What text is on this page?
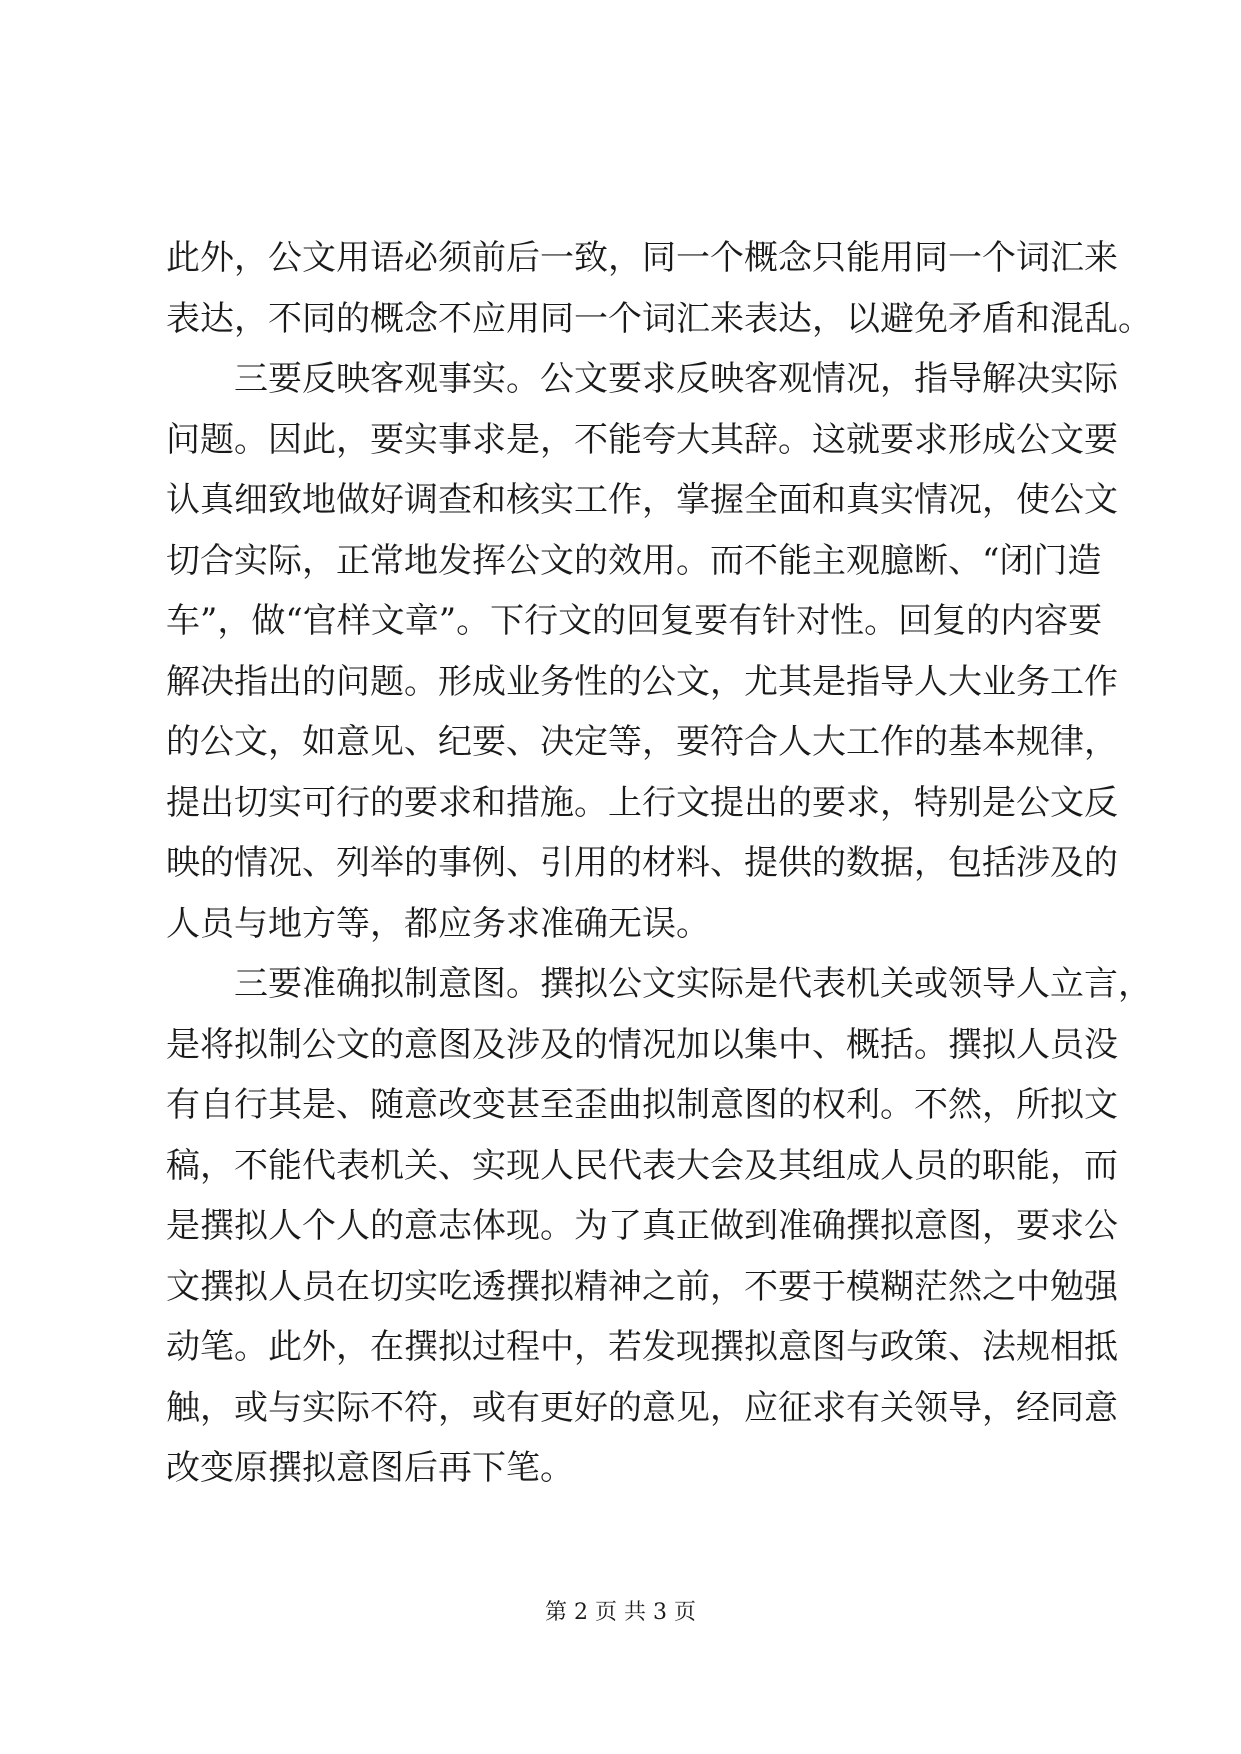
此外，公文用语必须前后一致，同一个概念只能用同一个词汇来
表达，不同的概念不应用同一个词汇来表达，以避免矛盾和混乱。
三要反映客观事实。公文要求反映客观情况，指导解决实际
问题。因此，要实事求是，不能夸大其辞。这就要求形成公文要
认真细致地做好调查和核实工作，掌握全面和真实情况，使公文
切合实际，正常地发挥公文的效用。而不能主观臆断、“闭门造
车”，做“官样文章”。下行文的回复要有针对性。回复的内容要
解决指出的问题。形成业务性的公文，尤其是指导人大业务工作
的公文，如意见、纪要、决定等，要符合人大工作的基本规律，
提出切实可行的要求和措施。上行文提出的要求，特别是公文反
映的情况、列举的事例、引用的材料、提供的数据，包括涉及的
人员与地方等，都应务求准确无误。
三要准确拟制意图。撰拟公文实际是代表机关或领导人立言，
是将拟制公文的意图及涉及的情况加以集中、概括。撰拟人员没
有自行其是、随意改变甚至歪曲拟制意图的权利。不然，所拟文
稿，不能代表机关、实现人民代表大会及其组成人员的职能，而
是撰拟人个人的意志体现。为了真正做到准确撰拟意图，要求公
文撰拟人员在切实吃透撰拟精神之前，不要于模糊茫然之中勉强
动笔。此外，在撰拟过程中，若发现撰拟意图与政策、法规相抵
触，或与实际不符，或有更好的意见，应征求有关领导，经同意
改变原撰拟意图后再下笔。
第 2 页 共 3 页
